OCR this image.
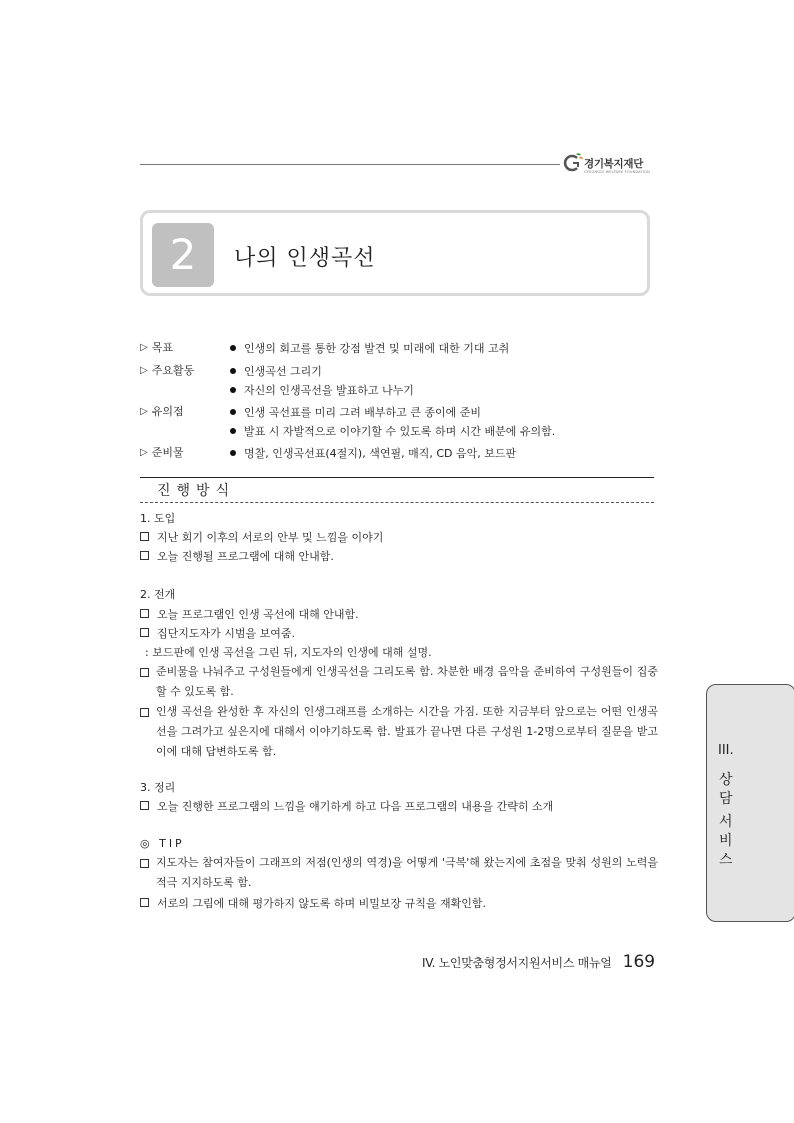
경기복지재단
GYEONGGI WELFARE FOUNDATION
2	나의 인생곡선
▷ 목표	인생의 회고를 통한 강점 발견 및 미래에 대한 기대 고취
▷ 주요활동	인생곡선 그리기
자신의 인생곡선을 발표하고 나누기
▷ 유의점	인생 곡선표를 미리 그려 배부하고 큰 종이에 준비
발표 시 자발적으로 이야기할 수 있도록 하며 시간 배분에 유의함.
▷ 준비물	명찰, 인생곡선표(4절지), 색연필, 매직, CD 음악, 보드판
진행방식
1. 도입
지난 회기 이후의 서로의 안부 및 느낌을 이야기
오늘 진행될 프로그램에 대해 안내함.
2. 전개
오늘 프로그램인 인생 곡선에 대해 안내함.
집단지도자가 시범을 보여줌.
: 보드판에 인생 곡선을 그린 뒤, 지도자의 인생에 대해 설명.
준비물을 나눠주고 구성원들에게 인생곡선을 그리도록 함. 차분한 배경 음악을 준비하여 구성원들이 집중할 수 있도록 함.
인생 곡선을 완성한 후 자신의 인생그래프를 소개하는 시간을 가짐. 또한 지금부터 앞으로는 어떤 인생곡선을 그려가고 싶은지에 대해서 이야기하도록 함. 발표가 끝나면 다른 구성원 1-2명으로부터 질문을 받고 이에 대해 답변하도록 함.
3. 정리
오늘 진행한 프로그램의 느낌을 얘기하게 하고 다음 프로그램의 내용을 간략히 소개
◎ TIP
지도자는 참여자들이 그래프의 저점(인생의 역경)을 어떻게 '극복'해 왔는지에 초점을 맞춰 성원의 노력을 적극 지지하도록 함.
서로의 그림에 대해 평가하지 않도록 하며 비밀보장 규칙을 재확인함.
III.
상
담
서
비
스
IV. 노인맞춤형정서지원서비스 매뉴얼 169
